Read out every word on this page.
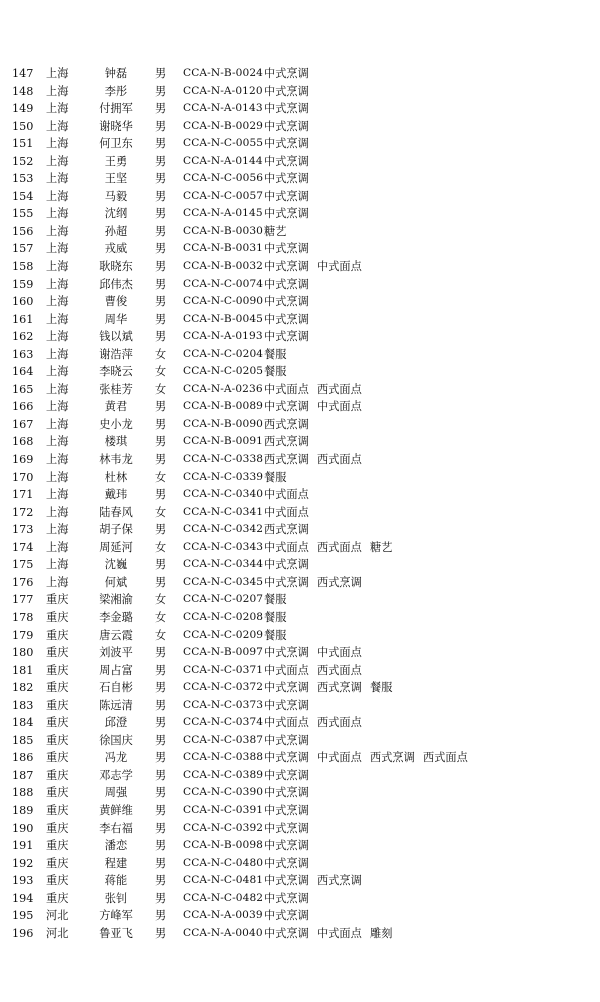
147 上海	钟磊	男 CCA-N-B-0024 中式烹调
148 上海	李彤	男 CCA-N-A-0120 中式烹调
149 上海	付拥军	男 CCA-N-A-0143 中式烹调
150 上海	谢晓华	男 CCA-N-B-0029 中式烹调
151 上海	何卫东	男 CCA-N-C-0055 中式烹调
152 上海	王勇	男 CCA-N-A-0144 中式烹调
153 上海	王坚	男 CCA-N-C-0056 中式烹调
154 上海	马毅	男 CCA-N-C-0057 中式烹调
155 上海	沈纲	男 CCA-N-A-0145 中式烹调
156 上海	孙超	男 CCA-N-B-0030 糖艺
157 上海	戎威	男 CCA-N-B-0031 中式烹调
158 上海	耿晓东	男 CCA-N-B-0032 中式烹调 中式面点
159 上海	邱伟杰	男 CCA-N-C-0074 中式烹调
160 上海	曹俊	男 CCA-N-C-0090 中式烹调
161 上海	周华	男 CCA-N-B-0045 中式烹调
162 上海	钱以斌	男 CCA-N-A-0193 中式烹调
163 上海	谢浩萍	女 CCA-N-C-0204 餐服
164 上海	李晓云	女 CCA-N-C-0205 餐服
165 上海	张桂芳	女 CCA-N-A-0236 中式面点 西式面点
166 上海	黄君	男 CCA-N-B-0089 中式烹调 中式面点
167 上海	史小龙	男 CCA-N-B-0090 西式烹调
168 上海	楼琪	男 CCA-N-B-0091 西式烹调
169 上海	林韦龙	男 CCA-N-C-0338 西式烹调 西式面点
170 上海	杜林	女 CCA-N-C-0339 餐服
171 上海	戴玮	男 CCA-N-C-0340 中式面点
172 上海	陆春风	女 CCA-N-C-0341 中式面点
173 上海	胡子保	男 CCA-N-C-0342 西式烹调
174 上海	周延河	女 CCA-N-C-0343 中式面点 西式面点 糖艺
175 上海	沈巍	男 CCA-N-C-0344 中式烹调
176 上海	何斌	男 CCA-N-C-0345 中式烹调 西式烹调
177 重庆	梁湘渝	女 CCA-N-C-0207 餐服
178 重庆	李金璐	女 CCA-N-C-0208 餐服
179 重庆	唐云霞	女 CCA-N-C-0209 餐服
180 重庆	刘波平	男 CCA-N-B-0097 中式烹调 中式面点
181 重庆	周占富	男 CCA-N-C-0371 中式面点 西式面点
182 重庆	石自彬	男 CCA-N-C-0372 中式烹调 西式烹调 餐服
183 重庆	陈远清	男 CCA-N-C-0373 中式烹调
184 重庆	邱澄	男 CCA-N-C-0374 中式面点 西式面点
185 重庆	徐国庆	男 CCA-N-C-0387 中式烹调
186 重庆	冯龙	男 CCA-N-C-0388 中式烹调 中式面点 西式烹调 西式面点
187 重庆	邓志学	男 CCA-N-C-0389 中式烹调
188 重庆	周强	男 CCA-N-C-0390 中式烹调
189 重庆	黄鲜维	男 CCA-N-C-0391 中式烹调
190 重庆	李右福	男 CCA-N-C-0392 中式烹调
191 重庆	潘恋	男 CCA-N-B-0098 中式烹调
192 重庆	程建	男 CCA-N-C-0480 中式烹调
193 重庆	蒋能	男 CCA-N-C-0481 中式烹调 西式烹调
194 重庆	张钊	男 CCA-N-C-0482 中式烹调
195 河北	方峰军	男 CCA-N-A-0039 中式烹调
196 河北	鲁亚飞	男 CCA-N-A-0040 中式烹调 中式面点 雕刻
